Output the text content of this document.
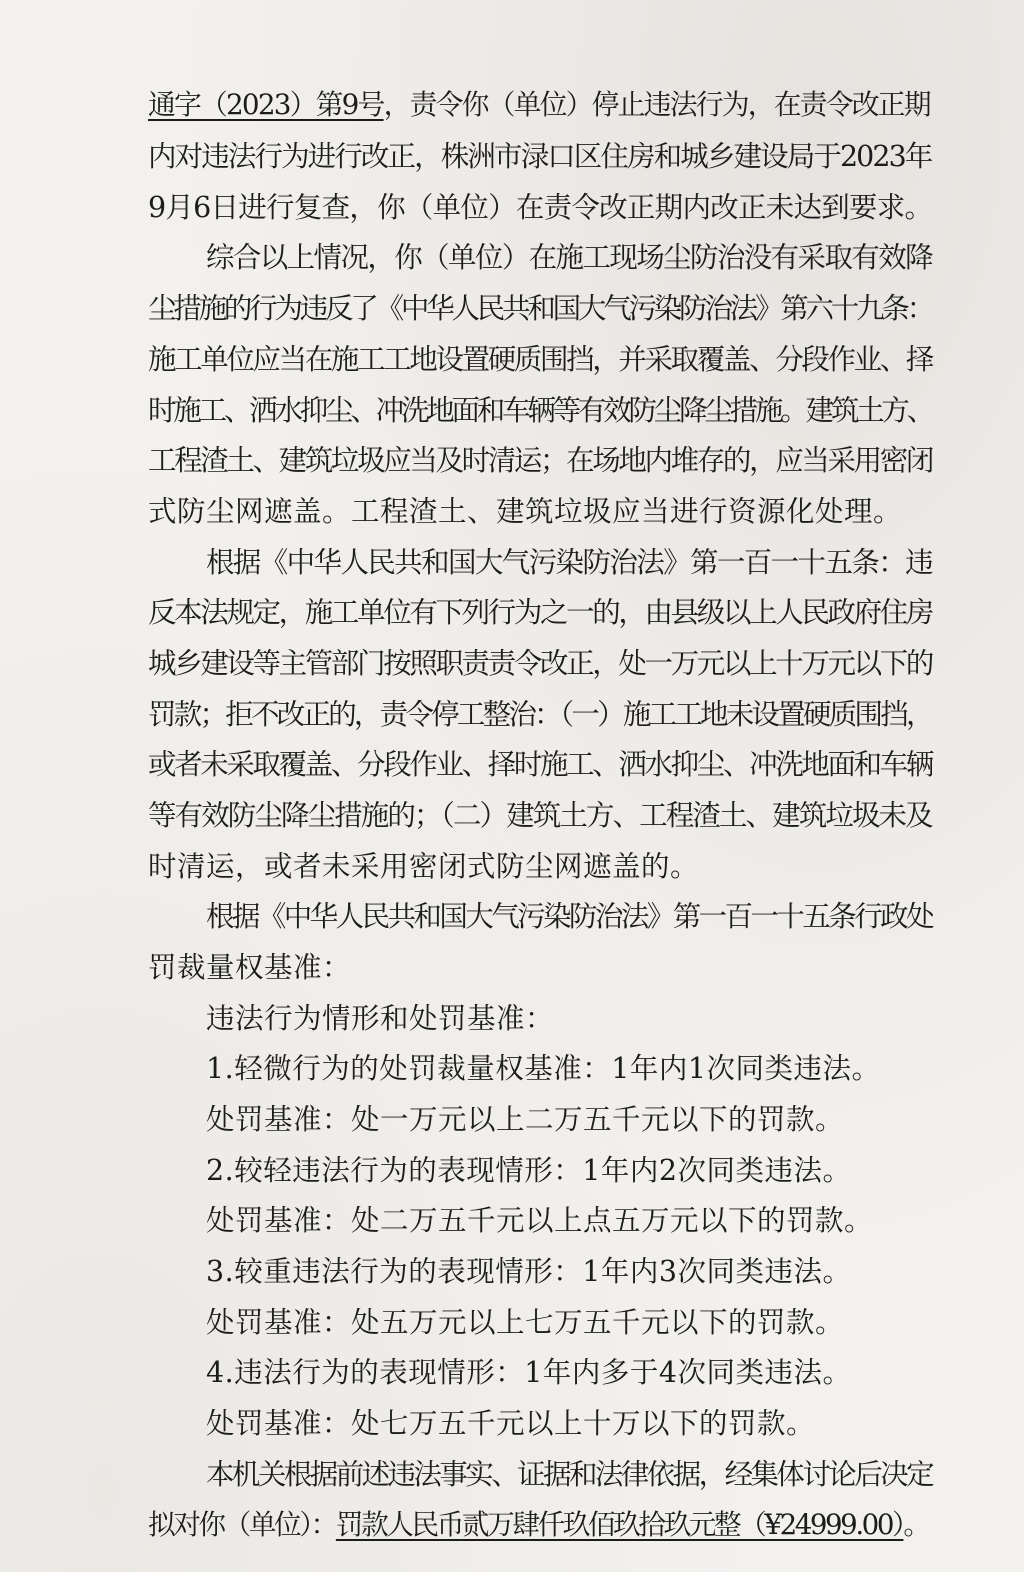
通字（2023）第9号，责令你（单位）停止违法行为，在责令改正期
内对违法行为进行改正，株洲市渌口区住房和城乡建设局于2023年
9月6日进行复查，你（单位）在责令改正期内改正未达到要求。
综合以上情况，你（单位）在施工现场尘防治没有采取有效降
尘措施的行为违反了《中华人民共和国大气污染防治法》第六十九条：
施工单位应当在施工工地设置硬质围挡，并采取覆盖、分段作业、择
时施工、洒水抑尘、冲洗地面和车辆等有效防尘降尘措施。建筑土方、
工程渣土、建筑垃圾应当及时清运；在场地内堆存的，应当采用密闭
式防尘网遮盖。工程渣土、建筑垃圾应当进行资源化处理。
根据《中华人民共和国大气污染防治法》第一百一十五条：违
反本法规定，施工单位有下列行为之一的，由县级以上人民政府住房
城乡建设等主管部门按照职责责令改正，处一万元以上十万元以下的
罚款；拒不改正的，责令停工整治：（一）施工工地未设置硬质围挡，
或者未采取覆盖、分段作业、择时施工、洒水抑尘、冲洗地面和车辆
等有效防尘降尘措施的；（二）建筑土方、工程渣土、建筑垃圾未及
时清运，或者未采用密闭式防尘网遮盖的。
根据《中华人民共和国大气污染防治法》第一百一十五条行政处
罚裁量权基准：
违法行为情形和处罚基准：
1.轻微行为的处罚裁量权基准：1年内1次同类违法。
处罚基准：处一万元以上二万五千元以下的罚款。
2.较轻违法行为的表现情形：1年内2次同类违法。
处罚基准：处二万五千元以上点五万元以下的罚款。
3.较重违法行为的表现情形：1年内3次同类违法。
处罚基准：处五万元以上七万五千元以下的罚款。
4.违法行为的表现情形：1年内多于4次同类违法。
处罚基准：处七万五千元以上十万以下的罚款。
本机关根据前述违法事实、证据和法律依据，经集体讨论后决定
拟对你（单位）：罚款人民币贰万肆仟玖佰玖拾玖元整（¥24999.00）。
